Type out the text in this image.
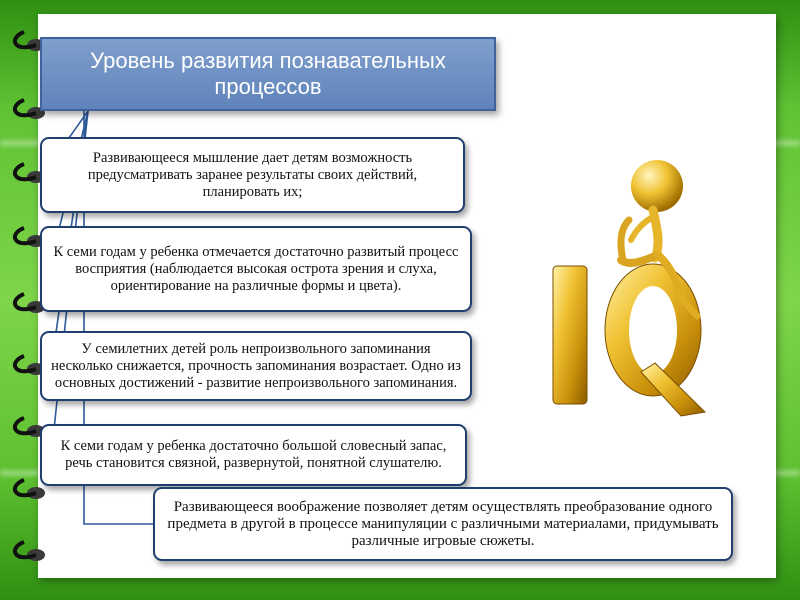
Уровень развития познавательных процессов
Развивающееся мышление дает детям возможность предусматривать заранее результаты своих действий, планировать их;
К семи годам у ребенка отмечается достаточно развитый процесс восприятия (наблюдается высокая острота зрения и слуха, ориентирование на различные формы и цвета).
У семилетних детей роль непроизвольного запоминания несколько снижается, прочность запоминания возрастает. Одно из основных достижений - развитие непроизвольного запоминания.
К семи годам у ребенка достаточно большой словесный запас, речь становится связной, развернутой, понятной слушателю.
Развивающееся воображение позволяет детям осуществлять преобразование одного предмета в другой в процессе манипуляции с различными материалами, придумывать различные игровые сюжеты.
